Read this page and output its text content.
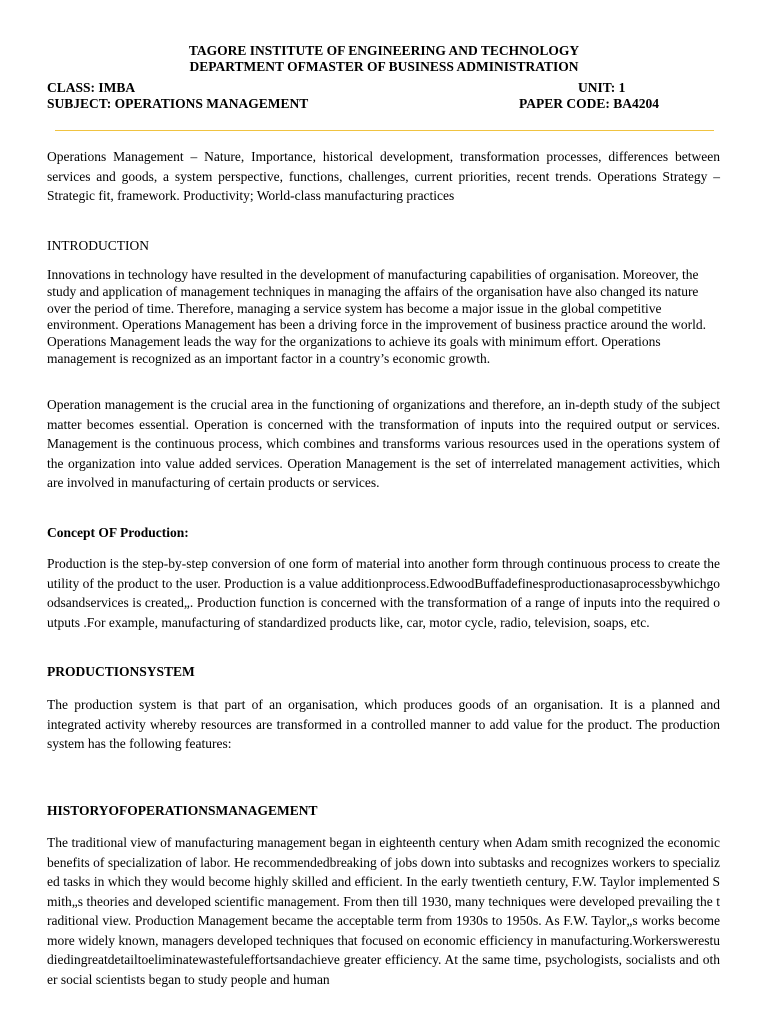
TAGORE INSTITUTE OF ENGINEERING AND TECHNOLOGY
DEPARTMENT OFMASTER OF BUSINESS ADMINISTRATION
CLASS: IMBA	UNIT: 1
SUBJECT: OPERATIONS MANAGEMENT	PAPER CODE: BA4204

Operations Management – Nature, Importance, historical development, transformation processes, differences between services and goods, a system perspective, functions, challenges, current priorities, recent trends. Operations Strategy – Strategic fit, framework. Productivity; World-class manufacturing practices

INTRODUCTION

Innovations in technology have resulted in the development of manufacturing capabilities of organisation. Moreover, the study and application of management techniques in managing the affairs of the organisation have also changed its nature over the period of time. Therefore, managing a service system has become a major issue in the global competitive environment. Operations Management has been a driving force in the improvement of business practice around the world. Operations Management leads the way for the organizations to achieve its goals with minimum effort. Operations management is recognized as an important factor in a country’s economic growth.

Operation management is the crucial area in the functioning of organizations and therefore, an in-depth study of the subject matter becomes essential. Operation is concerned with the transformation of inputs into the required output or services. Management is the continuous process, which combines and transforms various resources used in the operations system of the organization into value added services. Operation Management is the set of interrelated management activities, which are involved in manufacturing of certain products or services.

Concept OF Production:

Production is the step-by-step conversion of one form of material into another form through continuous process to create the utility of the product to the user. Production is a value additionprocess.EdwoodBuffadefinesproductionasaprocessbywhichgoodsandservices is created„. Production function is concerned with the transformation of a range of inputs into the required outputs .For example, manufacturing of standardized products like, car, motor cycle, radio, television, soaps, etc.

PRODUCTIONSYSTEM

The production system is that part of an organisation, which produces goods of an organisation. It is a planned and integrated activity whereby resources are transformed in a controlled manner to add value for the product. The production system has the following features:

HISTORYOFOPERATIONSMANAGEMENT

The traditional view of manufacturing management began in eighteenth century when Adam smith recognized the economic benefits of specialization of labor. He recommendedbreaking of jobs down into subtasks and recognizes workers to specialized tasks in which they would become highly skilled and efficient. In the early twentieth century, F.W. Taylor implemented Smith„s theories and developed scientific management. From then till 1930, many techniques were developed prevailing the traditional view. Production Management became the acceptable term from 1930s to 1950s. As F.W. Taylor„s works become more widely known, managers developed techniques that focused on economic efficiency in manufacturing.Workerswerestudiedingreatdetailtoeliminatewastefuleffortsandachieve greater efficiency. At the same time, psychologists, socialists and other social scientists began to study people and human
